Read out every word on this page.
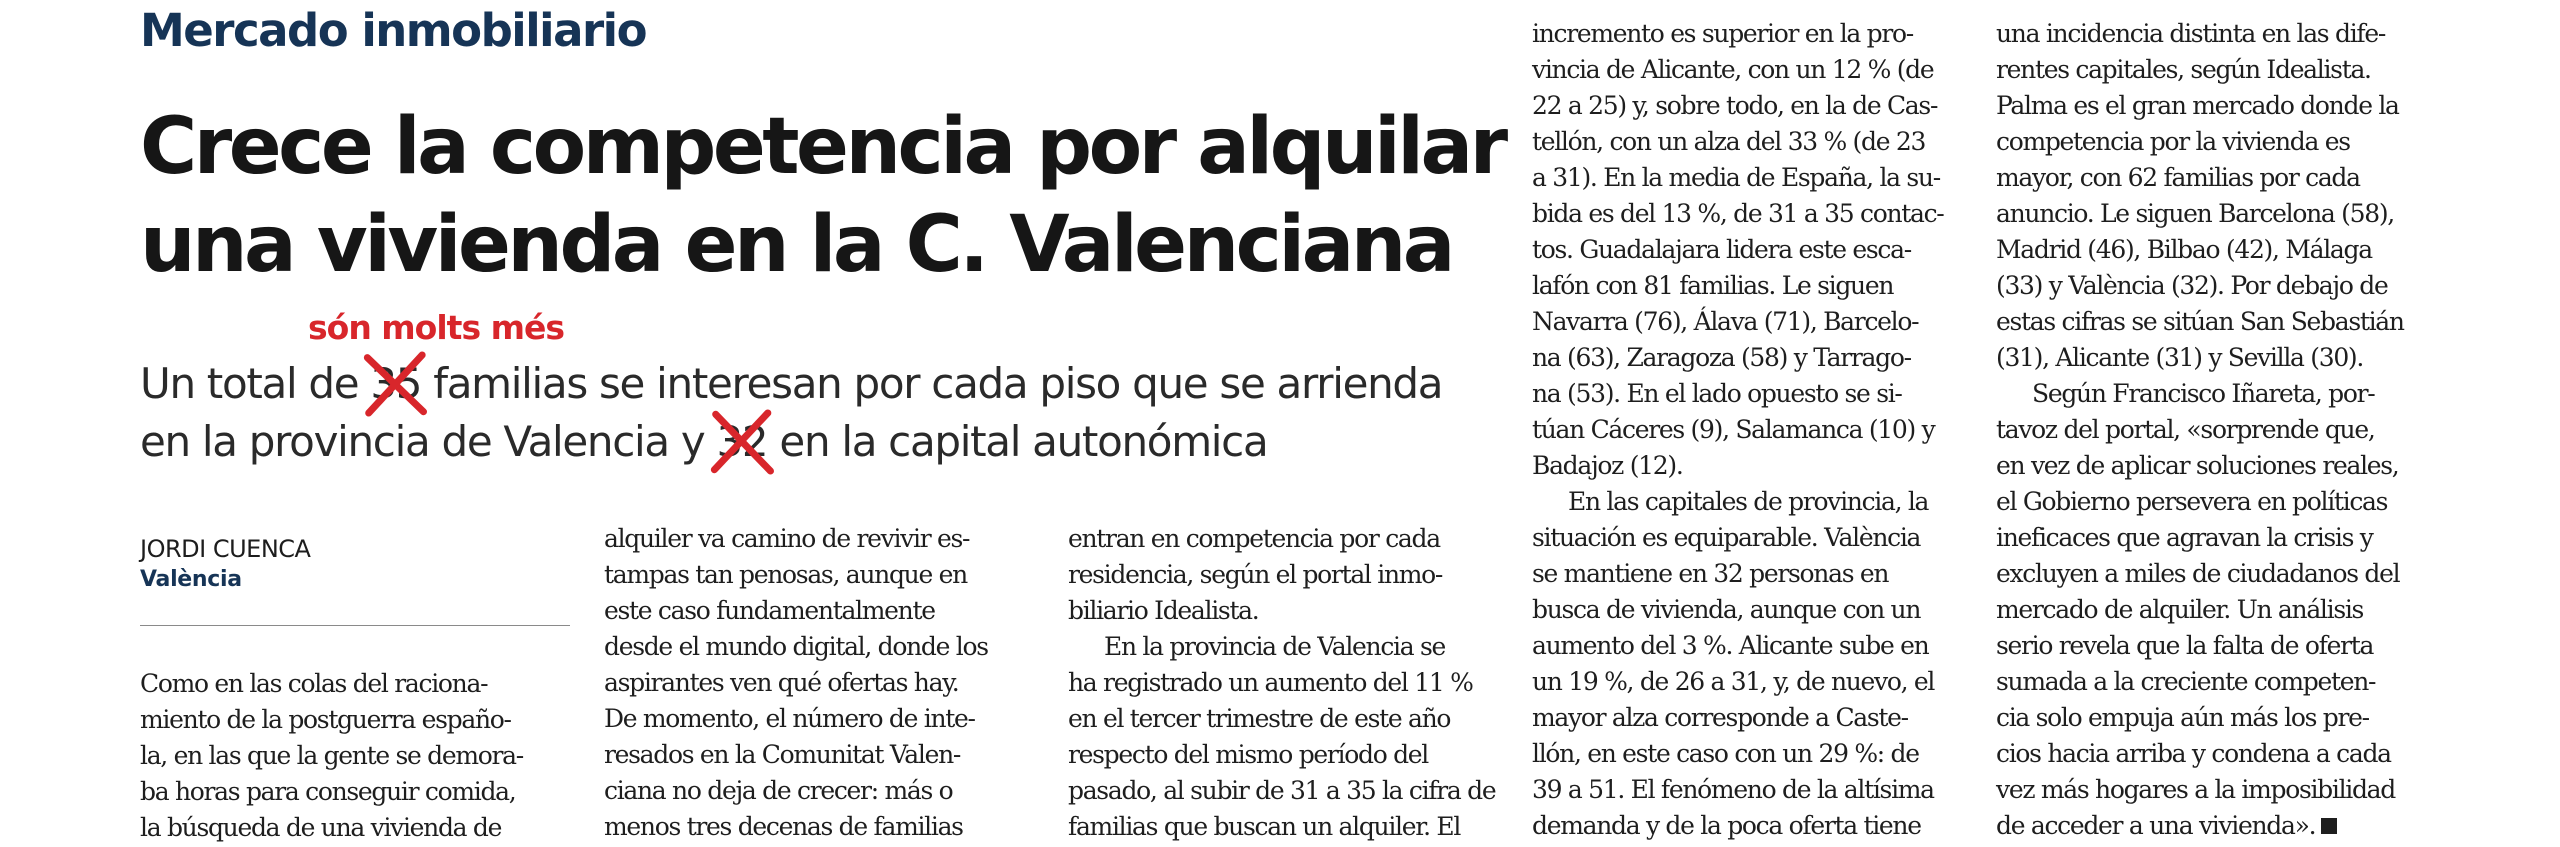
Mercado inmobiliario
Crece la competencia por alquilar
una vivienda en la C. Valenciana
són molts més
Un total de 35
familias se interesan por cada piso que se arrienda
en la provincia de Valencia y 32
en la capital autonómica
JORDI CUENCA
València
Como en las colas del raciona-
miento de la postguerra españo-
la, en las que la gente se demora-
ba horas para conseguir comida,
la búsqueda de una vivienda de
alquiler va camino de revivir es-
tampas tan penosas, aunque en
este caso fundamentalmente
desde el mundo digital, donde los
aspirantes ven qué ofertas hay.
De momento, el número de inte-
resados en la Comunitat Valen-
ciana no deja de crecer: más o
menos tres decenas de familias
entran en competencia por cada
residencia, según el portal inmo-
biliario Idealista.
En la provincia de Valencia se
ha registrado un aumento del 11 %
en el tercer trimestre de este año
respecto del mismo período del
pasado, al subir de 31 a 35 la cifra de
familias que buscan un alquiler. El
incremento es superior en la pro-
vincia de Alicante, con un 12 % (de
22 a 25) y, sobre todo, en la de Cas-
tellón, con un alza del 33 % (de 23
a 31). En la media de España, la su-
bida es del 13 %, de 31 a 35 contac-
tos. Guadalajara lidera este esca-
lafón con 81 familias. Le siguen
Navarra (76), Álava (71), Barcelo-
na (63), Zaragoza (58) y Tarrago-
na (53). En el lado opuesto se si-
túan Cáceres (9), Salamanca (10) y
Badajoz (12).
En las capitales de provincia, la
situación es equiparable. València
se mantiene en 32 personas en
busca de vivienda, aunque con un
aumento del 3 %. Alicante sube en
un 19 %, de 26 a 31, y, de nuevo, el
mayor alza corresponde a Caste-
llón, en este caso con un 29 %: de
39 a 51. El fenómeno de la altísima
demanda y de la poca oferta tiene
una incidencia distinta en las dife-
rentes capitales, según Idealista.
Palma es el gran mercado donde la
competencia por la vivienda es
mayor, con 62 familias por cada
anuncio. Le siguen Barcelona (58),
Madrid (46), Bilbao (42), Málaga
(33) y València (32). Por debajo de
estas cifras se sitúan San Sebastián
(31), Alicante (31) y Sevilla (30).
Según Francisco Iñareta, por-
tavoz del portal, «sorprende que,
en vez de aplicar soluciones reales,
el Gobierno persevera en políticas
ineficaces que agravan la crisis y
excluyen a miles de ciudadanos del
mercado de alquiler. Un análisis
serio revela que la falta de oferta
sumada a la creciente competen-
cia solo empuja aún más los pre-
cios hacia arriba y condena a cada
vez más hogares a la imposibilidad
de acceder a una vivienda».
